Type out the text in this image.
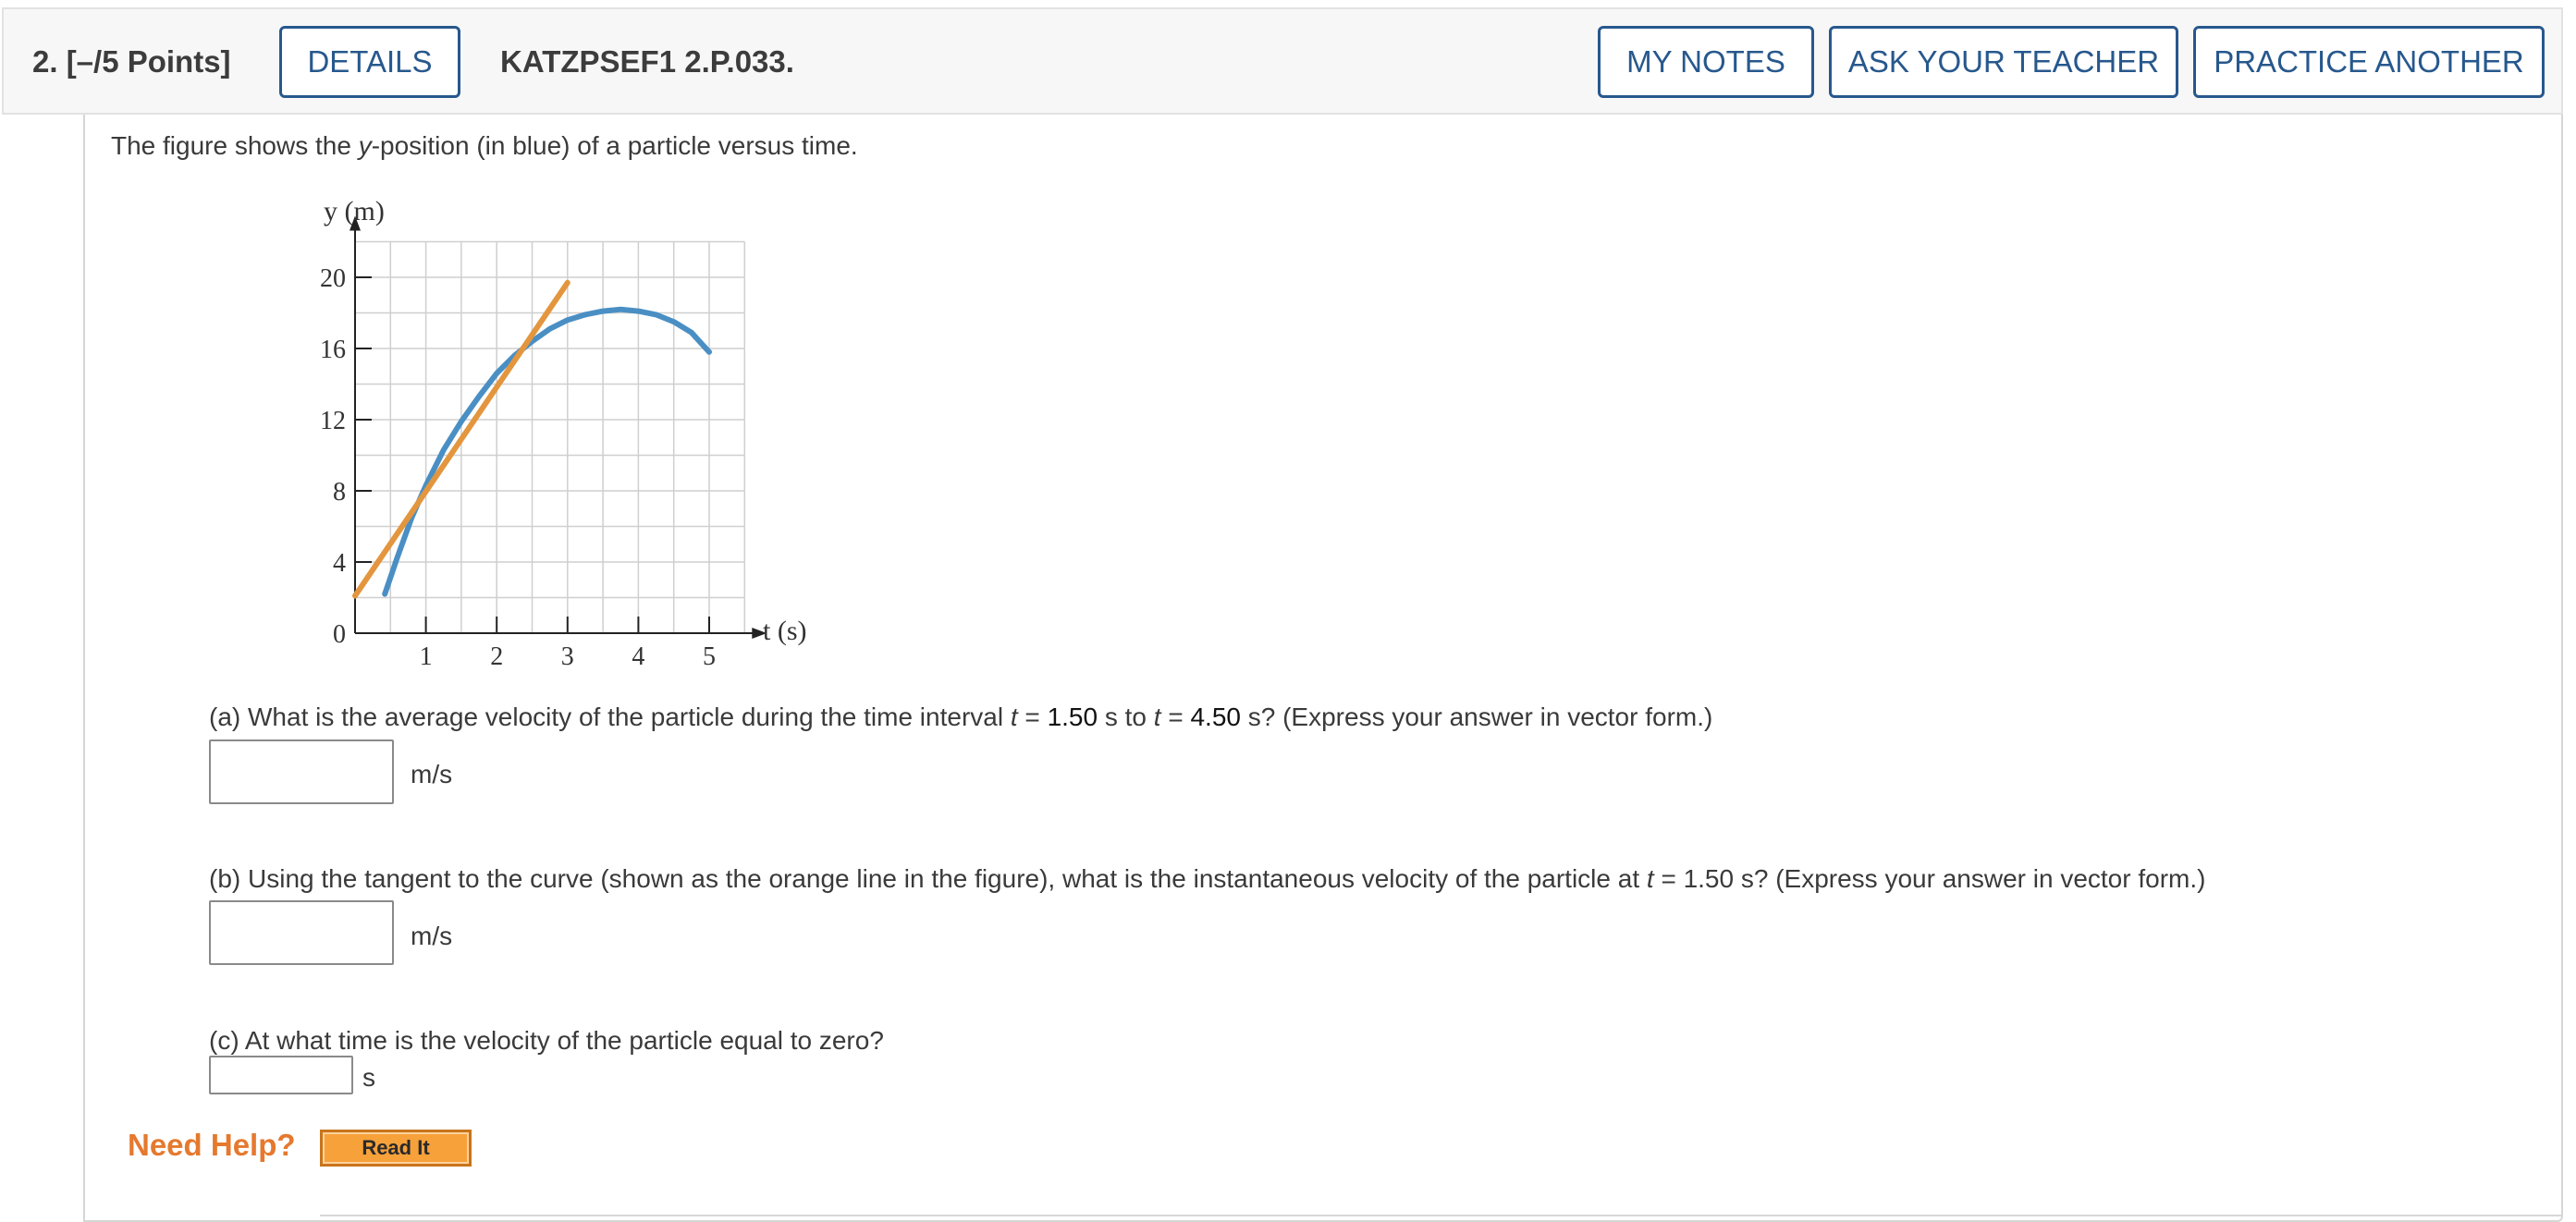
2. [–/5 Points]	DETAILS	KATZPSEF1 2.P.033.	MY NOTES	ASK YOUR TEACHER	PRACTICE ANOTHER
The figure shows the y-position (in blue) of a particle versus time.
0
4
8
12
16
20
1 2 3 4 5
y (m)
t (s)
(a) What is the average velocity of the particle during the time interval t = 1.50 s to t = 4.50 s? (Express your answer in vector form.)
m/s
(b) Using the tangent to the curve (shown as the orange line in the figure), what is the instantaneous velocity of the particle at t = 1.50 s? (Express your answer in vector form.)
m/s
(c) At what time is the velocity of the particle equal to zero?
s
Need Help?	Read It
